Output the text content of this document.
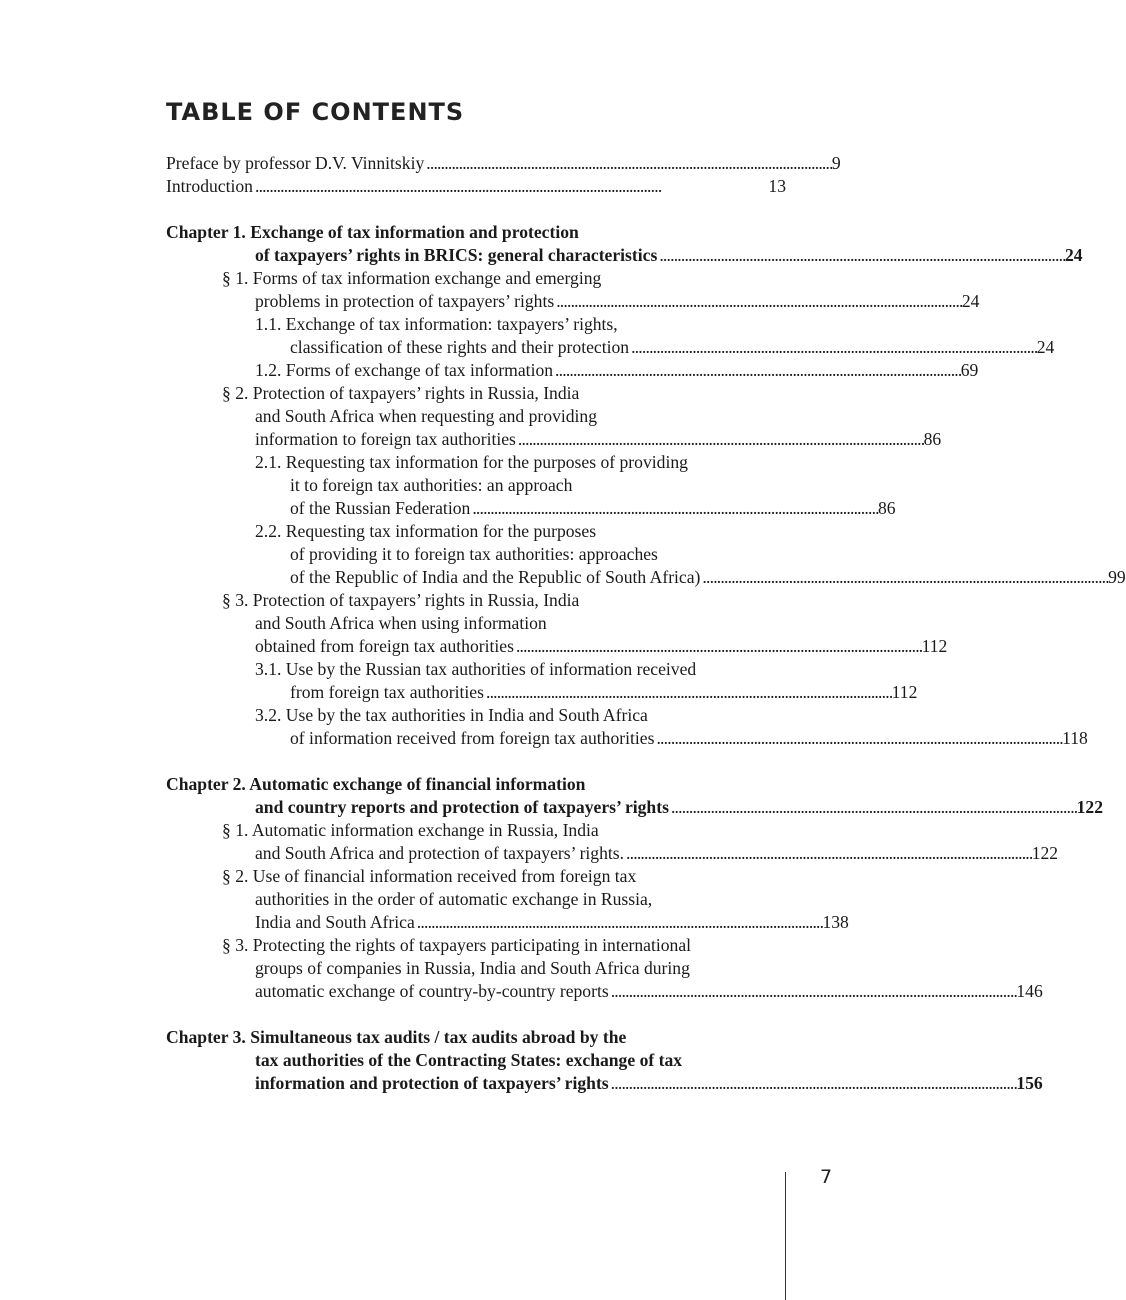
TABLE OF CONTENTS
Preface by professor D.V. Vinnitskiy . . .	9
Introduction . . .	13
Chapter 1. Exchange of tax information and protection
of taxpayers’ rights in BRICS: general characteristics . . .	24
§ 1. Forms of tax information exchange and emerging
problems in protection of taxpayers’ rights . . .	24
1.1. Exchange of tax information: taxpayers’ rights,
classification of these rights and their protection . . .	24
1.2. Forms of exchange of tax information . . .	69
§ 2. Protection of taxpayers’ rights in Russia, India
and South Africa when requesting and providing
information to foreign tax authorities . . .	86
2.1. Requesting tax information for the purposes of providing
it to foreign tax authorities: an approach
of the Russian Federation . . .	86
2.2. Requesting tax information for the purposes
of providing it to foreign tax authorities: approaches
of the Republic of India and the Republic of South Africa) . . .	99
§ 3. Protection of taxpayers’ rights in Russia, India
and South Africa when using information
obtained from foreign tax authorities . . .	112
3.1. Use by the Russian tax authorities of information received
from foreign tax authorities . . .	112
3.2. Use by the tax authorities in India and South Africa
of information received from foreign tax authorities . . .	118
Chapter 2. Automatic exchange of financial information
and country reports and protection of taxpayers’ rights . . .	122
§ 1. Automatic information exchange in Russia, India
and South Africa and protection of taxpayers’ rights. . . .	122
§ 2. Use of financial information received from foreign tax
authorities in the order of automatic exchange in Russia,
India and South Africa . . .	138
§ 3. Protecting the rights of taxpayers participating in international
groups of companies in Russia, India and South Africa during
automatic exchange of country-by-country reports . . .	146
Chapter 3. Simultaneous tax audits / tax audits abroad by the
tax authorities of the Contracting States: exchange of tax
information and protection of taxpayers’ rights . . .	156
7
